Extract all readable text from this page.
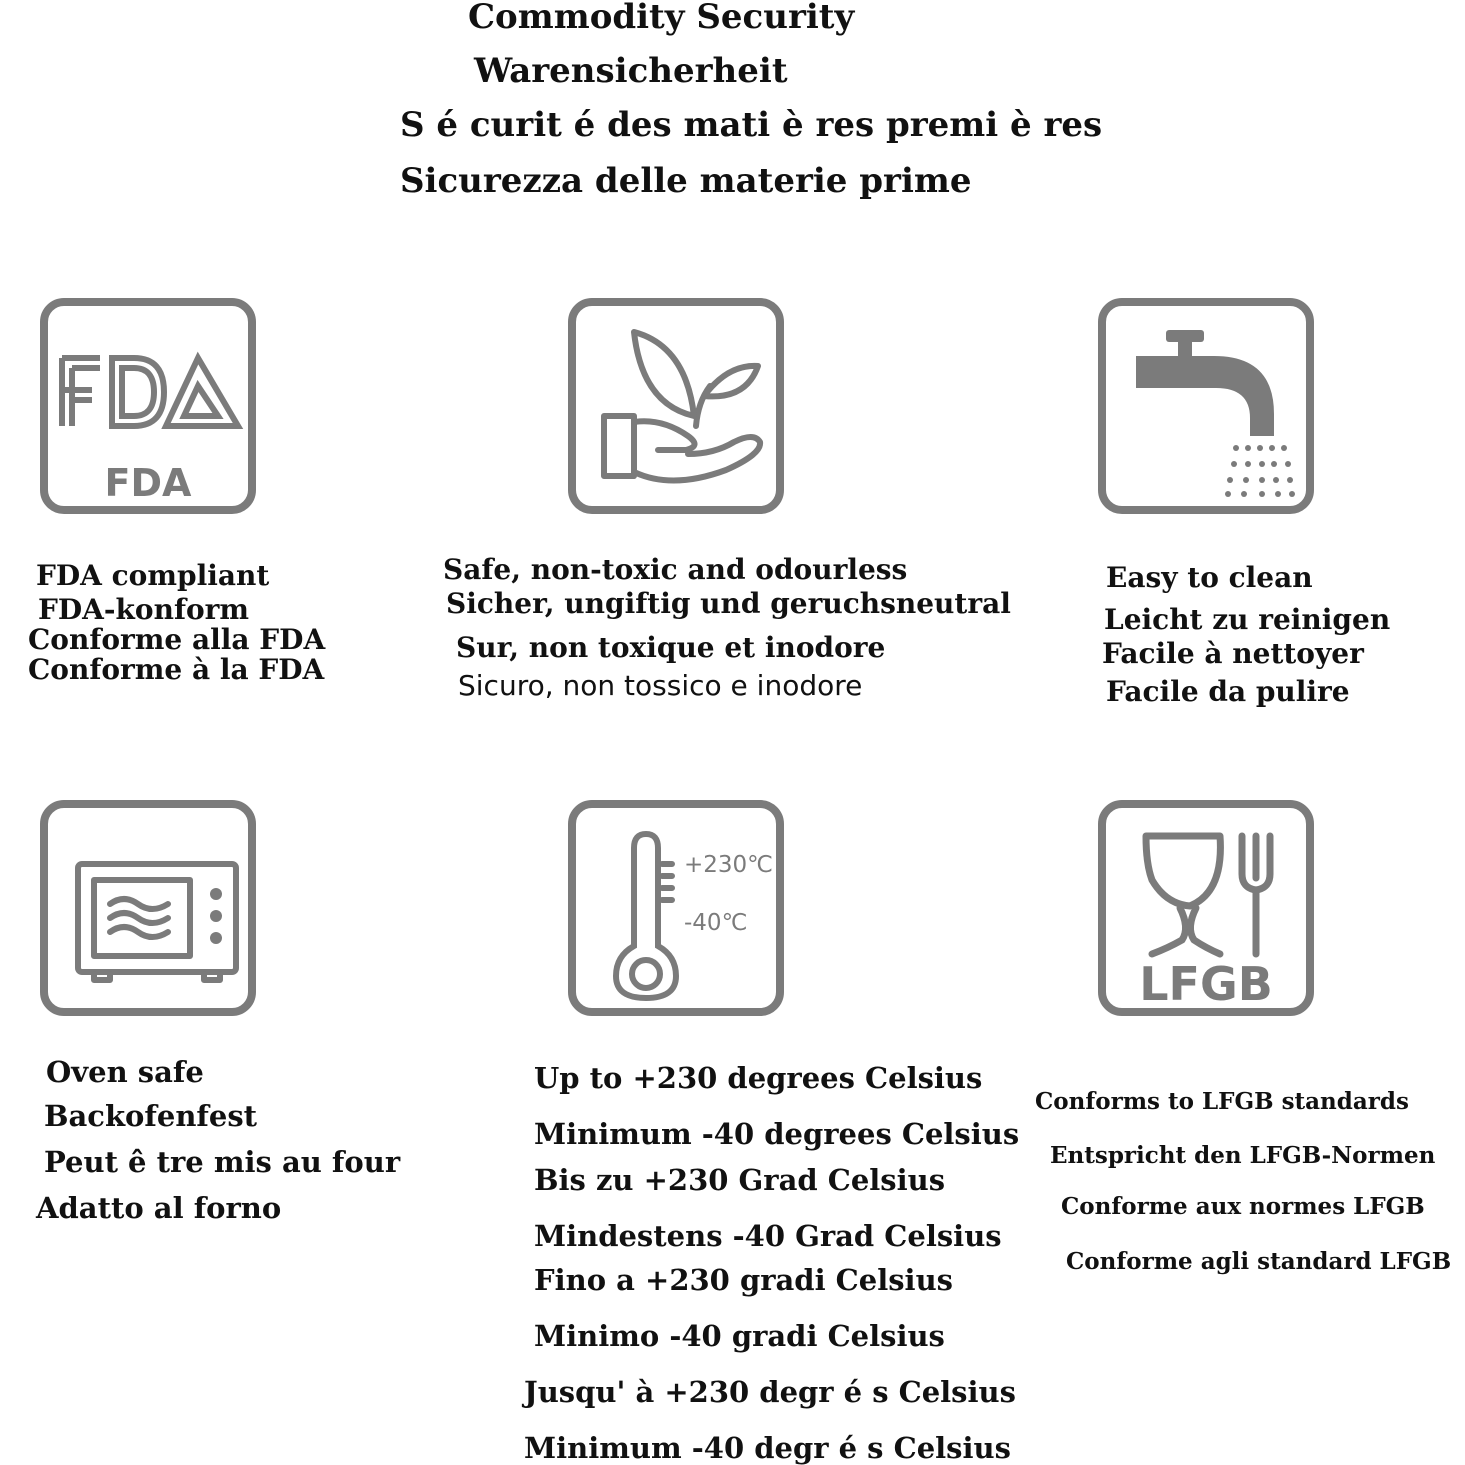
Commodity Security
Warensicherheit
S é curit é des mati è res premi è res
Sicurezza delle materie prime
FDA
+230℃
-40℃
LFGB
FDA compliant
FDA-konform
Conforme alla FDA
Conforme à la FDA
Safe, non-toxic and odourless
Sicher, ungiftig und geruchsneutral
Sur, non toxique et inodore
Sicuro, non tossico e inodore
Easy to clean
Leicht zu reinigen
Facile à nettoyer
Facile da pulire
Oven safe
Backofenfest
Peut ê tre mis au four
Adatto al forno
Up to +230 degrees Celsius
Minimum -40 degrees Celsius
Bis zu +230 Grad Celsius
Mindestens -40 Grad Celsius
Fino a +230 gradi Celsius
Minimo -40 gradi Celsius
Jusqu' à +230 degr é s Celsius
Minimum -40 degr é s Celsius
Conforms to LFGB standards
Entspricht den LFGB-Normen
Conforme aux normes LFGB
Conforme agli standard LFGB
